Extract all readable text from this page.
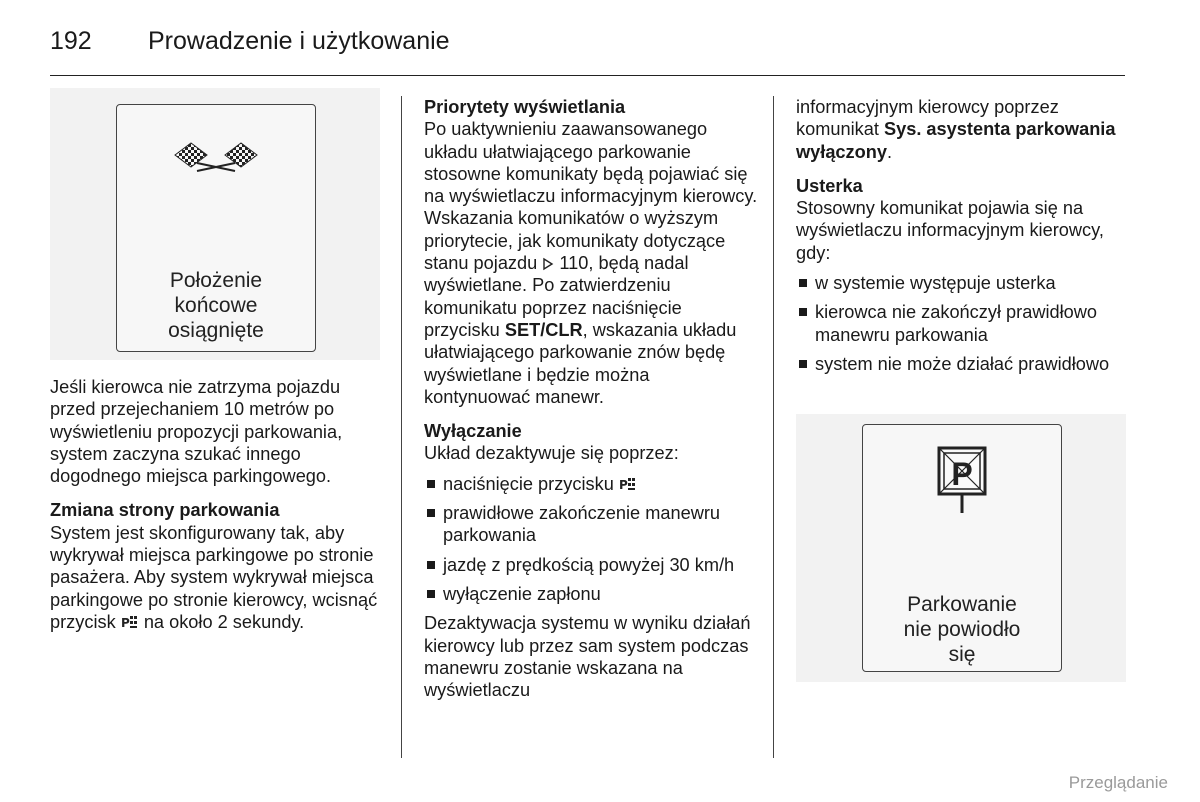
192 Prowadzenie i użytkowanie
Położenie
końcowe
osiągnięte

Jeśli kierowca nie zatrzyma pojazdu przed przejechaniem 10 metrów po wyświetleniu propozycji parkowania, system zaczyna szukać innego dogodnego miejsca parkingowego.

Zmiana strony parkowania

System jest skonfigurowany tak, aby wykrywał miejsca parkingowe po stronie pasażera. Aby system wykrywał miejsca parkingowe po stronie kierowcy, wcisnąć przycisk P na około 2 sekundy.

Priorytety wyświetlania

Po uaktywnieniu zaawansowanego układu ułatwiającego parkowanie stosowne komunikaty będą pojawiać się na wyświetlaczu informacyjnym kierowcy. Wskazania komunikatów o wyższym priorytecie, jak komunikaty dotyczące stanu pojazdu 110, będą nadal wyświetlane. Po zatwierdzeniu komunikatu poprzez naciśnięcie przycisku SET/CLR, wskazania układu ułatwiającego parkowanie znów będę wyświetlane i będzie można kontynuować manewr.

Wyłączanie

Układ dezaktywuje się poprzez:

naciśnięcie przycisku P
prawidłowe zakończenie manewru parkowania
jazdę z prędkością powyżej 30 km/h
wyłączenie zapłonu

Dezaktywacja systemu w wyniku działań kierowcy lub przez sam system podczas manewru zostanie wskazana na wyświetlaczu

informacyjnym kierowcy poprzez komunikat Sys. asystenta parkowania wyłączony.

Usterka

Stosowny komunikat pojawia się na wyświetlaczu informacyjnym kierowcy, gdy:

w systemie występuje usterka
kierowca nie zakończył prawidłowo manewru parkowania
system nie może działać prawidłowo
P
Parkowanie
nie powiodło
się
Przeglądanie
